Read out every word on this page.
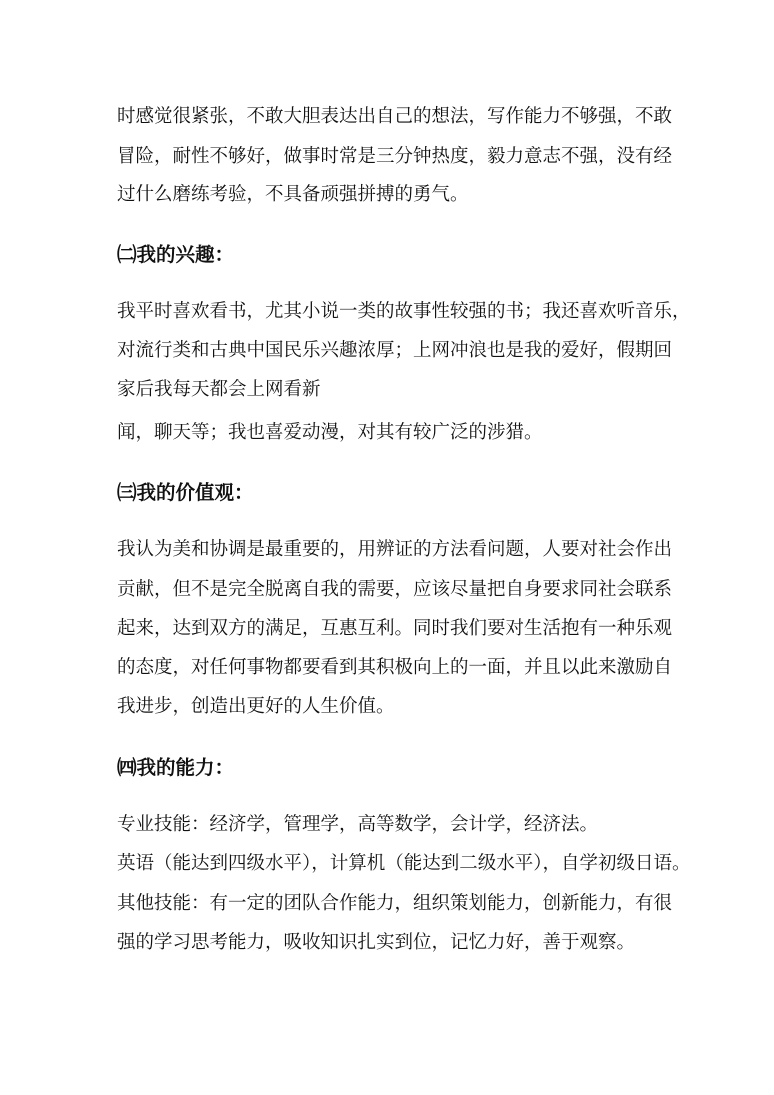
时感觉很紧张，不敢大胆表达出自己的想法，写作能力不够强，不敢
冒险，耐性不够好，做事时常是三分钟热度，毅力意志不强，没有经
过什么磨练考验，不具备顽强拼搏的勇气。
㈡我的兴趣：
我平时喜欢看书，尤其小说一类的故事性较强的书；我还喜欢听音乐，
对流行类和古典中国民乐兴趣浓厚；上网冲浪也是我的爱好，假期回
家后我每天都会上网看新
闻，聊天等；我也喜爱动漫，对其有较广泛的涉猎。
㈢我的价值观：
我认为美和协调是最重要的，用辨证的方法看问题，人要对社会作出
贡献，但不是完全脱离自我的需要，应该尽量把自身要求同社会联系
起来，达到双方的满足，互惠互利。同时我们要对生活抱有一种乐观
的态度，对任何事物都要看到其积极向上的一面，并且以此来激励自
我进步，创造出更好的人生价值。
㈣我的能力：
专业技能：经济学，管理学，高等数学，会计学，经济法。
英语（能达到四级水平），计算机（能达到二级水平），自学初级日语。
其他技能：有一定的团队合作能力，组织策划能力，创新能力，有很
强的学习思考能力，吸收知识扎实到位，记忆力好，善于观察。
